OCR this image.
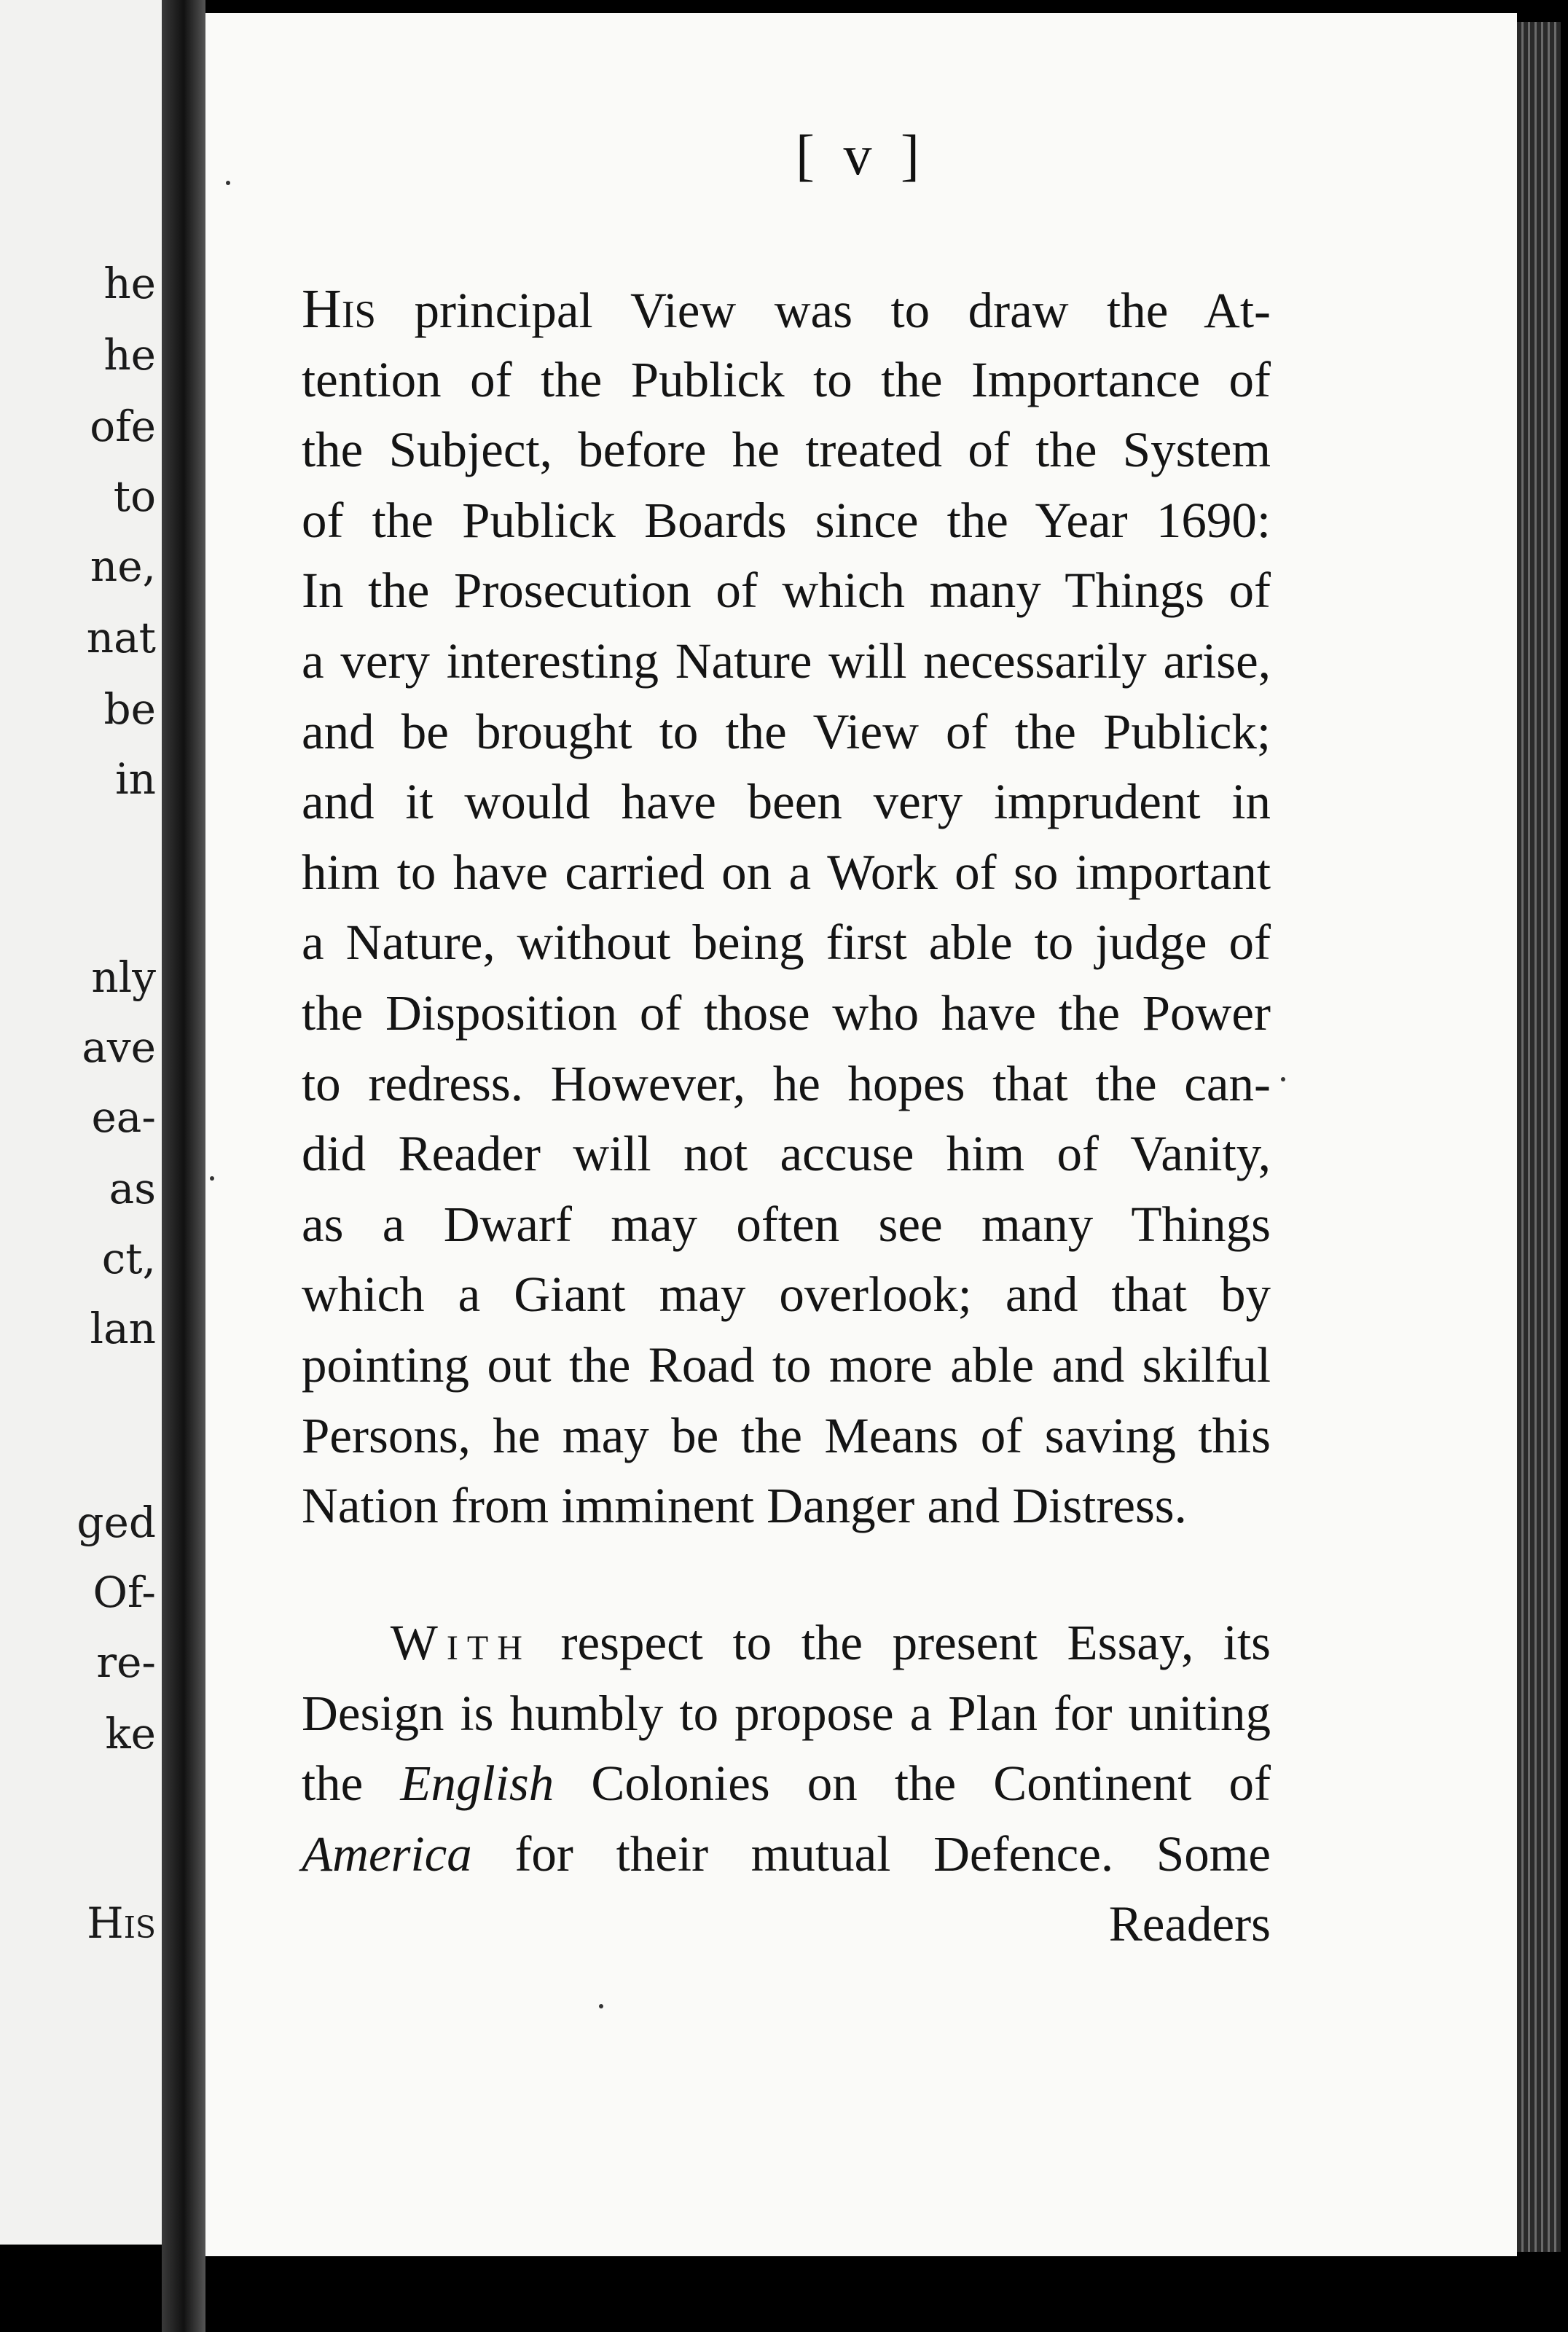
he
he
ofe
to
ne,
nat
be
in
nly
ave
ea-
as
ct,
lan
ged
Of-
re-
ke
His
[ v ]
His principal View was to draw the At-
tention of the Publick to the Importance of
the Subject, before he treated of the System
of the Publick Boards since the Year 1690:
In the Prosecution of which many Things of
a very interesting Nature will necessarily arise,
and be brought to the View of the Publick;
and it would have been very imprudent in
him to have carried on a Work of so important
a Nature, without being first able to judge of
the Disposition of those who have the Power
to redress. However, he hopes that the can-
did Reader will not accuse him of Vanity,
as a Dwarf may often see many Things
which a Giant may overlook; and that by
pointing out the Road to more able and skilful
Persons, he may be the Means of saving this
Nation from imminent Danger and Distress.
With respect to the present Essay, its
Design is humbly to propose a Plan for uniting
the English Colonies on the Continent of
America for their mutual Defence. Some
Readers
